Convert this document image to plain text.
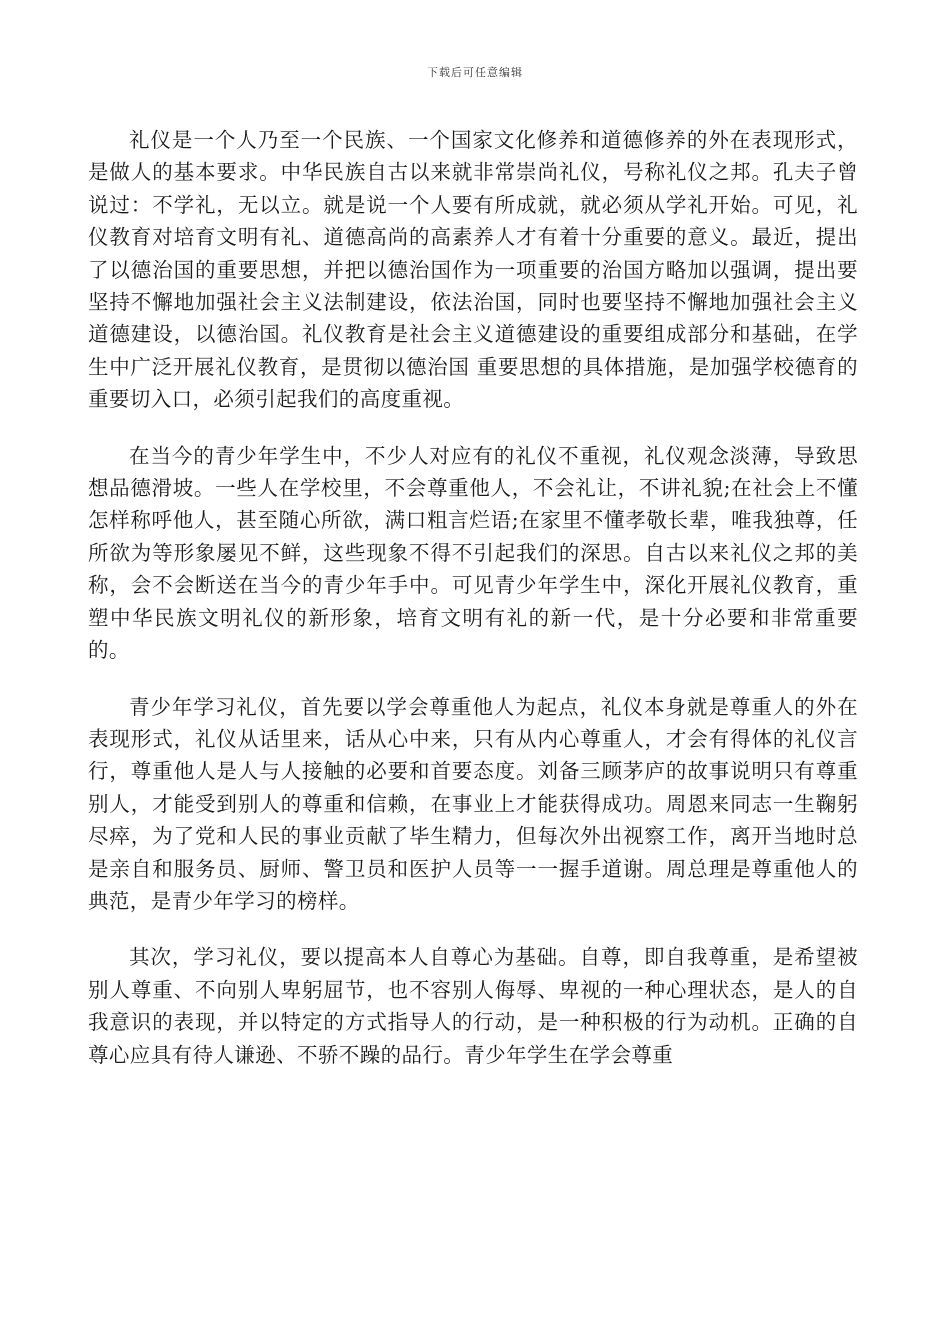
下载后可任意编辑

礼仪是一个人乃至一个民族、一个国家文化修养和道德修养的外在表现形式，是做人的基本要求。中华民族自古以来就非常崇尚礼仪，号称礼仪之邦。孔夫子曾说过：不学礼，无以立。就是说一个人要有所成就，就必须从学礼开始。可见，礼仪教育对培育文明有礼、道德高尚的高素养人才有着十分重要的意义。最近，提出了以德治国的重要思想，并把以德治国作为一项重要的治国方略加以强调，提出要坚持不懈地加强社会主义法制建设，依法治国，同时也要坚持不懈地加强社会主义道德建设，以德治国。礼仪教育是社会主义道德建设的重要组成部分和基础，在学生中广泛开展礼仪教育，是贯彻以德治国 重要思想的具体措施，是加强学校德育的重要切入口，必须引起我们的高度重视。

在当今的青少年学生中，不少人对应有的礼仪不重视，礼仪观念淡薄，导致思想品德滑坡。一些人在学校里，不会尊重他人，不会礼让，不讲礼貌;在社会上不懂怎样称呼他人，甚至随心所欲，满口粗言烂语;在家里不懂孝敬长辈，唯我独尊，任所欲为等形象屡见不鲜，这些现象不得不引起我们的深思。自古以来礼仪之邦的美称，会不会断送在当今的青少年手中。可见青少年学生中，深化开展礼仪教育，重塑中华民族文明礼仪的新形象，培育文明有礼的新一代，是十分必要和非常重要的。

青少年学习礼仪，首先要以学会尊重他人为起点，礼仪本身就是尊重人的外在表现形式，礼仪从话里来，话从心中来，只有从内心尊重人，才会有得体的礼仪言行，尊重他人是人与人接触的必要和首要态度。刘备三顾茅庐的故事说明只有尊重别人，才能受到别人的尊重和信赖，在事业上才能获得成功。周恩来同志一生鞠躬尽瘁，为了党和人民的事业贡献了毕生精力，但每次外出视察工作，离开当地时总是亲自和服务员、厨师、警卫员和医护人员等一一握手道谢。周总理是尊重他人的典范，是青少年学习的榜样。

其次，学习礼仪，要以提高本人自尊心为基础。自尊，即自我尊重，是希望被别人尊重、不向别人卑躬屈节，也不容别人侮辱、卑视的一种心理状态，是人的自我意识的表现，并以特定的方式指导人的行动，是一种积极的行为动机。正确的自尊心应具有待人谦逊、不骄不躁的品行。青少年学生在学会尊重
